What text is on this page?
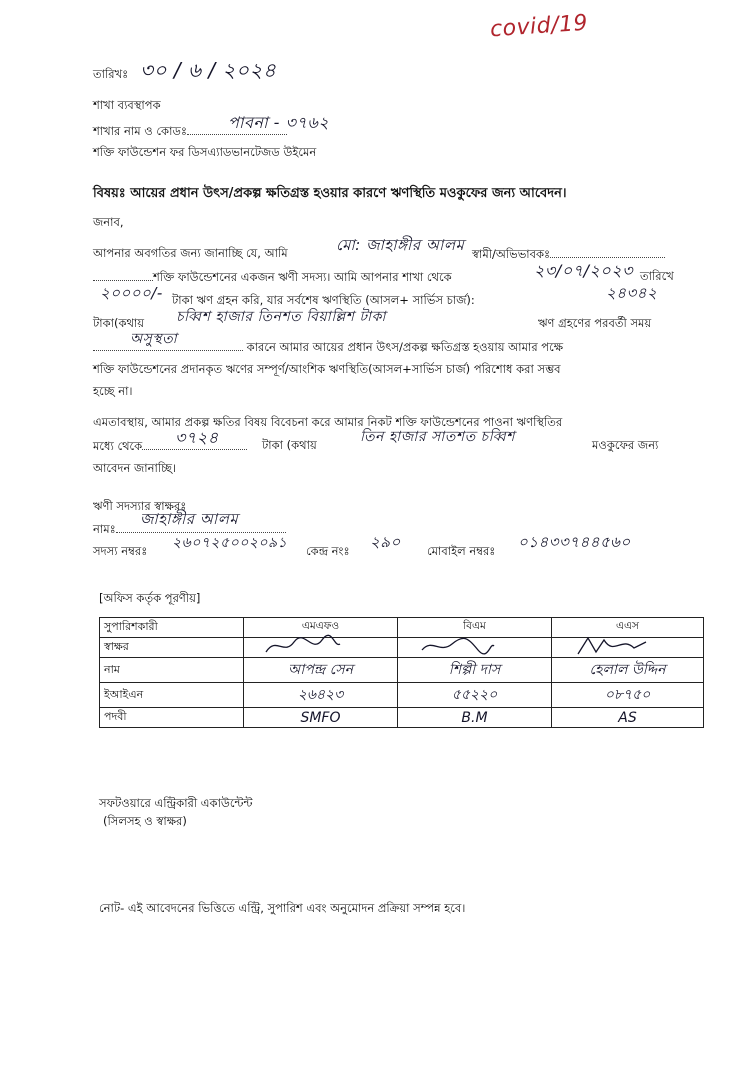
covid/19
তারিখঃ ৩০ / ৬ / ২০২৪
শাখা ব্যবস্থাপক
শাখার নাম ও কোডঃ	পাবনা - ৩৭৬২
শক্তি ফাউন্ডেশন ফর ডিসএ্যাডভানটেজড উইমেন
বিষয়ঃ আয়ের প্রধান উৎস/প্রকল্প ক্ষতিগ্রস্ত হওয়ার কারণে ঋণস্থিতি মওকুফের জন্য আবেদন।
জনাব,
আপনার অবগতির জন্য জানাচ্ছি যে, আমি	মো: জাহাঙ্গীর আলম স্বামী/অভিভাবকঃ
শক্তি ফাউন্ডেশনের একজন ঋণী সদস্য। আমি আপনার শাখা থেকে	২৩/০৭/২০২৩ তারিখে
২০০০০/- টাকা ঋণ গ্রহন করি, যার সর্বশেষ ঋণস্থিতি (আসল+ সার্ভিস চার্জ):	২৪৩৪২
টাকা(কথায় চব্বিশ হাজার তিনশত বিয়াল্লিশ টাকা	ঋণ গ্রহণের পরবর্তী সময়
কারনে আমার আয়ের প্রধান উৎস/প্রকল্প ক্ষতিগ্রস্ত হওয়ায় আমার পক্ষে
অসুস্থতা
শক্তি ফাউন্ডেশনের প্রদানকৃত ঋণের সম্পূর্ণ/আংশিক ঋণস্থিতি(আসল+সার্ভিস চার্জ) পরিশোধ করা সম্ভব
হচ্ছে না।
এমতাবস্থায়, আমার প্রকল্প ক্ষতির বিষয় বিবেচনা করে আমার নিকট শক্তি ফাউন্ডেশনের পাওনা ঋণস্থিতির
মধ্যে থেকে	৩৭২৪	টাকা (কথায়	তিন হাজার সাতশত চব্বিশ	মওকুফের জন্য
আবেদন জানাচ্ছি।
ঋণী সদস্যার স্বাক্ষরঃ
নামঃ
জাহাঙ্গীর আলম
সদস্য নম্বরঃ ২৬০৭২৫০০২০৯১ কেন্দ্র নংঃ ২৯০ মোবাইল নম্বরঃ ০১৪৩৩৭৪৪৫৬০
[অফিস কর্তৃক পূরণীয়]
সুপারিশকারী	এমএফও	বিএম	এএস
স্বাক্ষর	

নাম	আপন্দ্র সেন	শিল্পী দাস	হেলাল উদ্দিন
ইআইএন	২৬৪২৩	৫৫২২০	০৮৭৫০
পদবী	SMFO	B.M	AS
সফটওয়ারে এন্ট্রিকারী একাউন্টেন্ট
(সিলসহ ও স্বাক্ষর)
নোট- এই আবেদনের ভিত্তিতে এন্ট্রি, সুপারিশ এবং অনুমোদন প্রক্রিয়া সম্পন্ন হবে।
